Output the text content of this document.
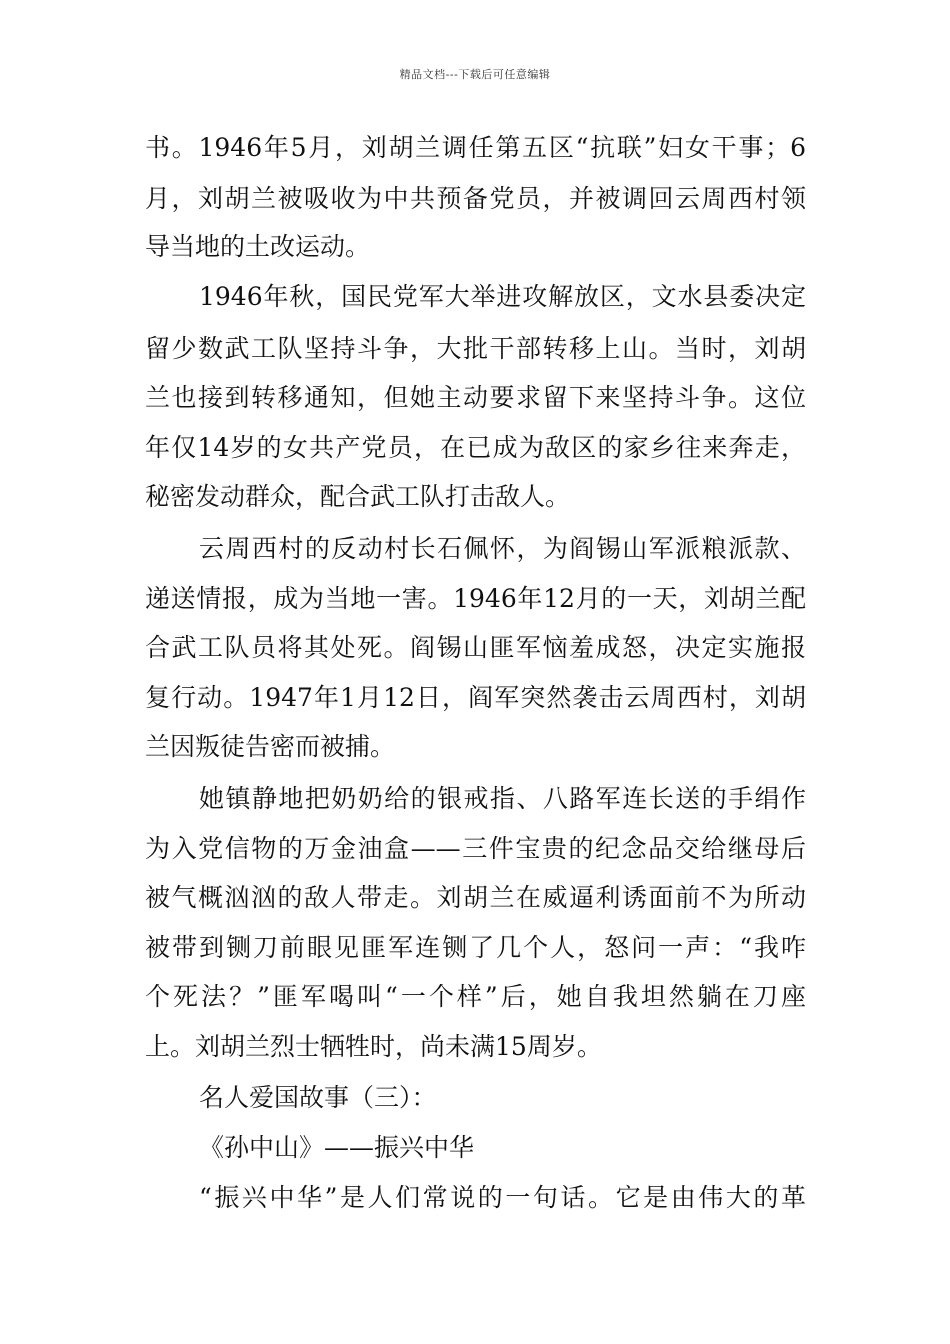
精品文档---下载后可任意编辑
书。1946年5月，刘胡兰调任第五区“抗联”妇女干事；6
月，刘胡兰被吸收为中共预备党员，并被调回云周西村领
导当地的土改运动。
1946年秋，国民党军大举进攻解放区，文水县委决定
留少数武工队坚持斗争，大批干部转移上山。当时，刘胡
兰也接到转移通知，但她主动要求留下来坚持斗争。这位
年仅14岁的女共产党员，在已成为敌区的家乡往来奔走，
秘密发动群众，配合武工队打击敌人。
云周西村的反动村长石佩怀，为阎锡山军派粮派款、
递送情报，成为当地一害。1946年12月的一天，刘胡兰配
合武工队员将其处死。阎锡山匪军恼羞成怒，决定实施报
复行动。1947年1月12日，阎军突然袭击云周西村，刘胡
兰因叛徒告密而被捕。
她镇静地把奶奶给的银戒指、八路军连长送的手绢作
为入党信物的万金油盒——三件宝贵的纪念品交给继母后
被气概汹汹的敌人带走。刘胡兰在威逼利诱面前不为所动
被带到铡刀前眼见匪军连铡了几个人，怒问一声：“我咋
个死法？”匪军喝叫“一个样”后，她自我坦然躺在刀座
上。刘胡兰烈士牺牲时，尚未满15周岁。
名人爱国故事（三）：
《孙中山》——振兴中华
“振兴中华”是人们常说的一句话。它是由伟大的革
